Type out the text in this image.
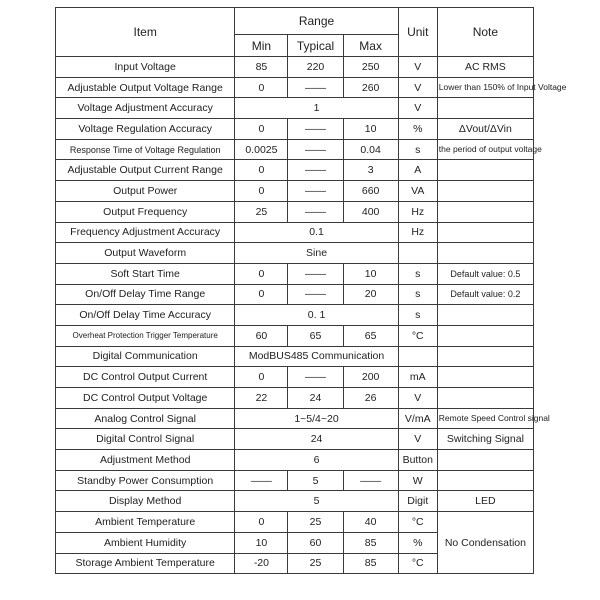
Item	Range			Unit	Note
	Min	Typical	Max		
Input Voltage	85	220	250	V	AC RMS
Adjustable Output Voltage Range	0	——	260	V	Lower than 150% of Input Voltage
Voltage Adjustment Accuracy	1			V	
Voltage Regulation Accuracy	0	——	10	%	ΔVout/ΔVin
Response Time of Voltage Regulation	0.0025	——	0.04	s	the period of output voltage
Adjustable Output Current Range	0	——	3	A	
Output Power	0	——	660	VA	
Output Frequency	25	——	400	Hz	
Frequency Adjustment Accuracy	0.1			Hz	
Output Waveform	Sine				
Soft Start Time	0	——	10	s	Default value: 0.5
On/Off Delay Time Range	0	——	20	s	Default value: 0.2
On/Off Delay Time Accuracy	0. 1			s	
Overheat Protection Trigger Temperature	60	65	65	°C	
Digital Communication	ModBUS485 Communication				
DC Control Output Current	0	——	200	mA	
DC Control Output Voltage	22	24	26	V	
Analog Control Signal	1~5/4~20			V/mA	Remote Speed Control signal
Digital Control Signal	24			V	Switching Signal
Adjustment Method	6			Button	
Standby Power Consumption	——	5	——	W	
Display Method	5			Digit	LED
Ambient Temperature	0	25	40	°C	No Condensation
Ambient Humidity	10	60	85	%	
Storage Ambient Temperature	-20	25	85	°C	
